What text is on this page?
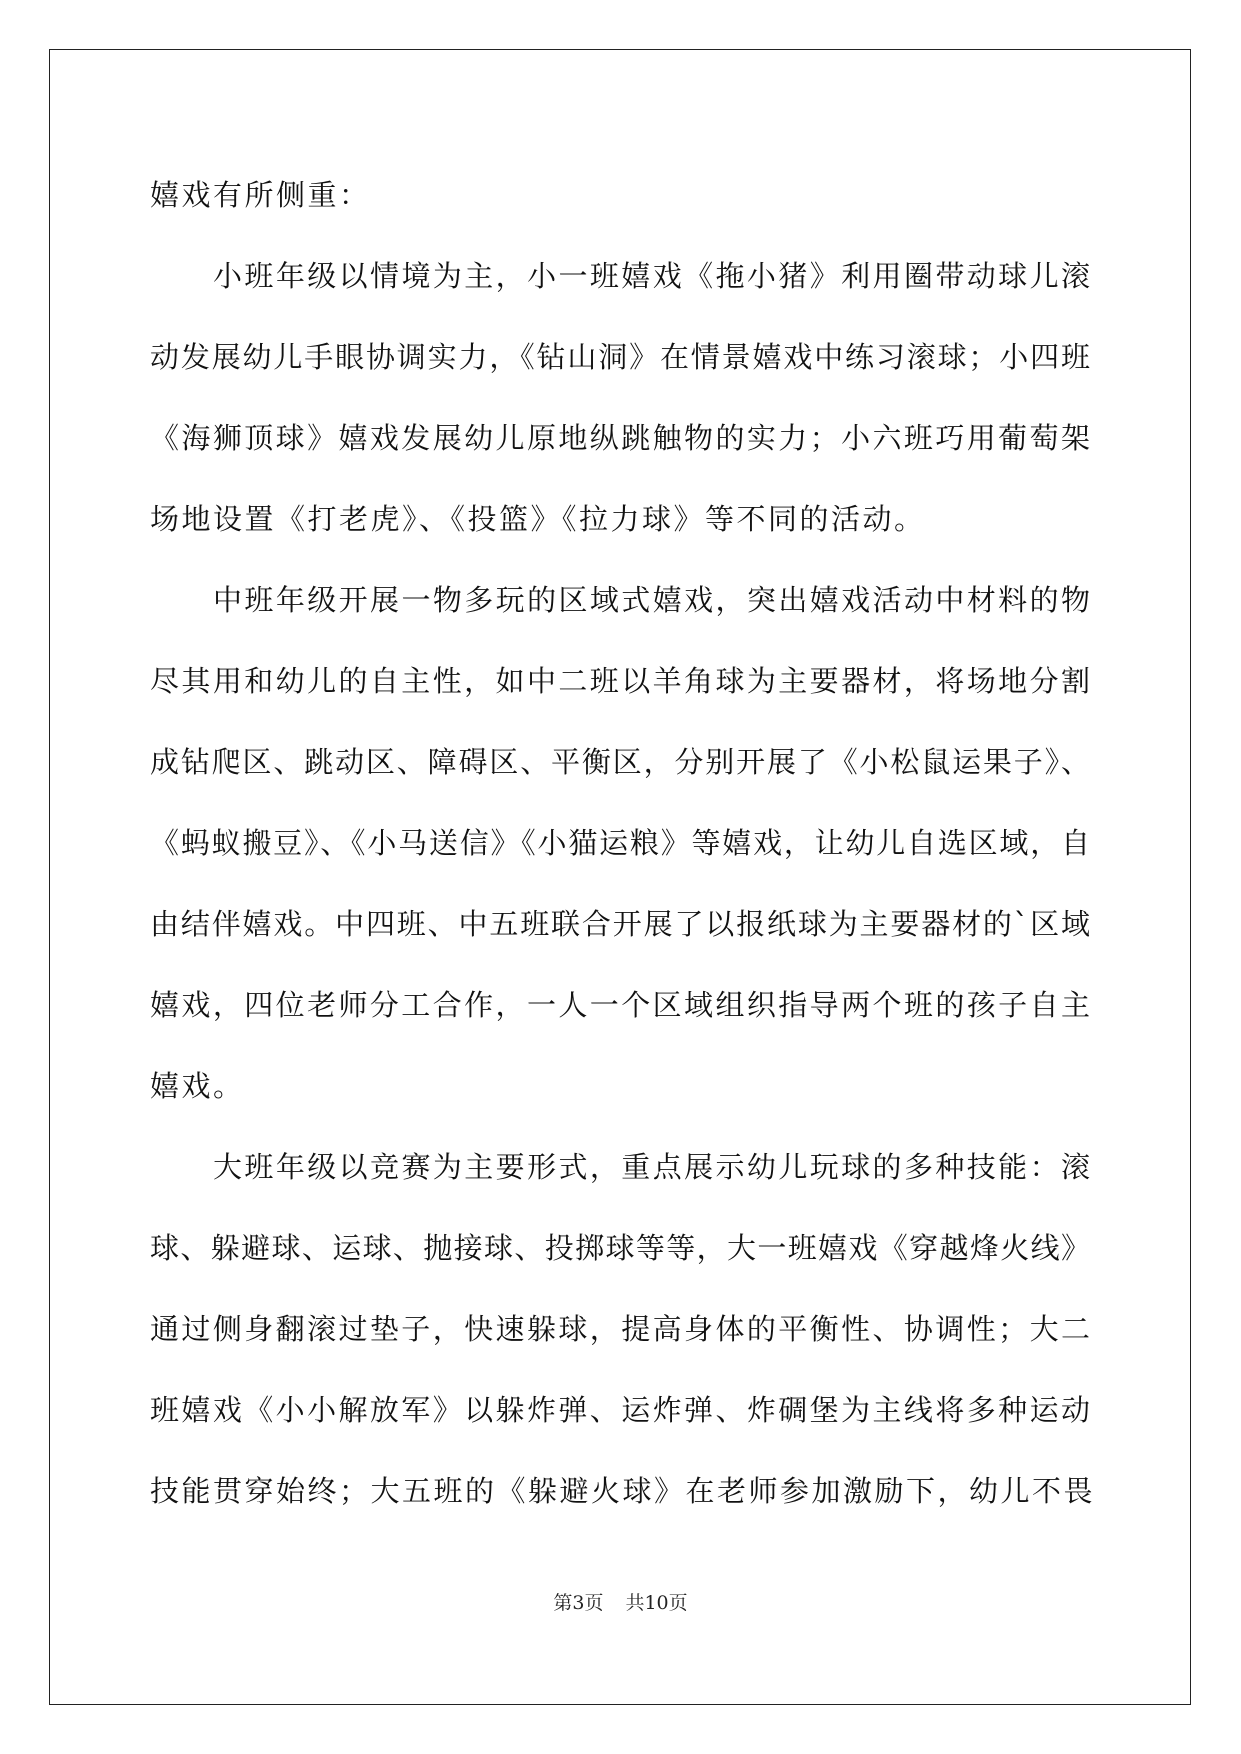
嬉戏有所侧重：
小班年级以情境为主，小一班嬉戏《拖小猪》利用圈带动球儿滚
动发展幼儿手眼协调实力，《钻山洞》在情景嬉戏中练习滚球；小四班
《海狮顶球》嬉戏发展幼儿原地纵跳触物的实力；小六班巧用葡萄架
场地设置《打老虎》、《投篮》《拉力球》等不同的活动。
中班年级开展一物多玩的区域式嬉戏，突出嬉戏活动中材料的物
尽其用和幼儿的自主性，如中二班以羊角球为主要器材，将场地分割
成钻爬区、跳动区、障碍区、平衡区，分别开展了《小松鼠运果子》、
《蚂蚁搬豆》、《小马送信》《小猫运粮》等嬉戏，让幼儿自选区域，自
由结伴嬉戏。中四班、中五班联合开展了以报纸球为主要器材的`区域
嬉戏，四位老师分工合作，一人一个区域组织指导两个班的孩子自主
嬉戏。
大班年级以竞赛为主要形式，重点展示幼儿玩球的多种技能：滚
球、躲避球、运球、抛接球、投掷球等等，大一班嬉戏《穿越烽火线》
通过侧身翻滚过垫子，快速躲球，提高身体的平衡性、协调性；大二
班嬉戏《小小解放军》以躲炸弹、运炸弹、炸碉堡为主线将多种运动
技能贯穿始终；大五班的《躲避火球》在老师参加激励下，幼儿不畏
第3页 共10页
